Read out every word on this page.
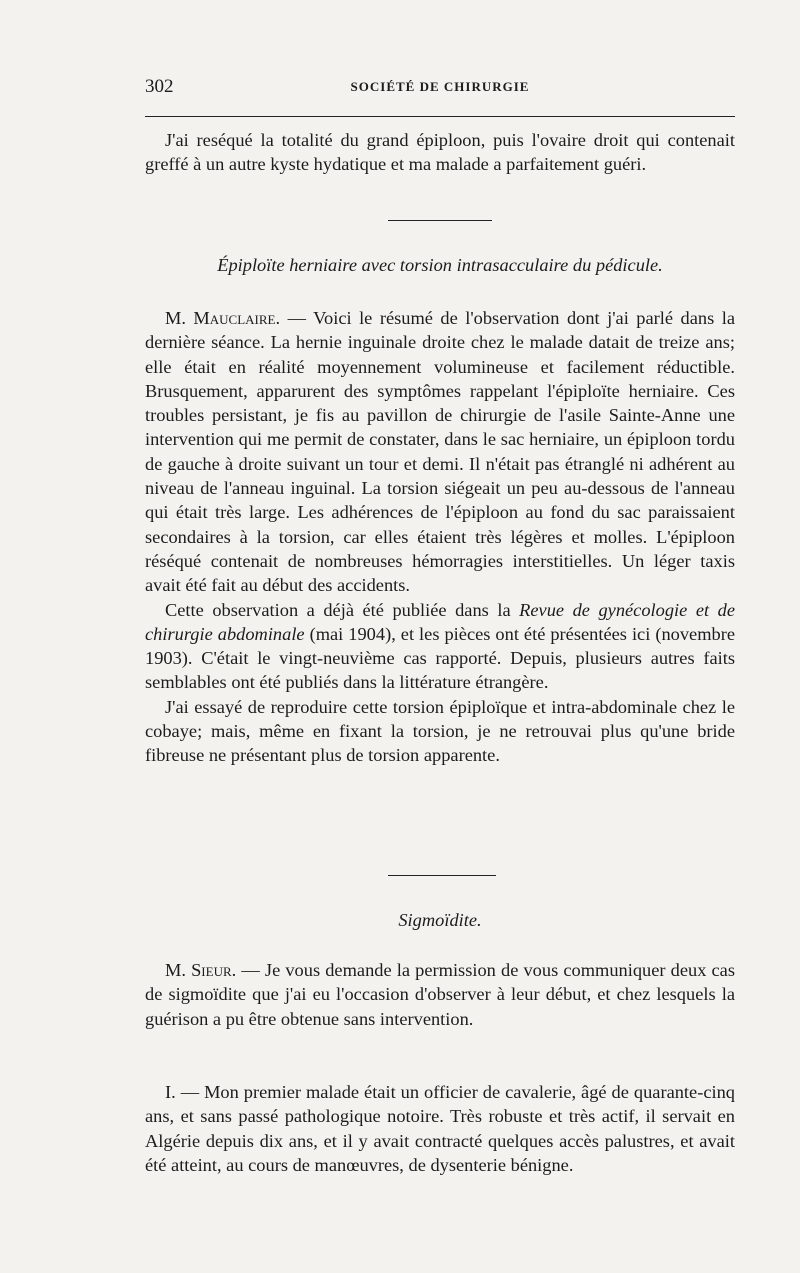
302	SOCIÉTÉ DE CHIRURGIE

J'ai reséqué la totalité du grand épiploon, puis l'ovaire droit qui contenait greffé à un autre kyste hydatique et ma malade a parfaitement guéri.

Épiploïte herniaire avec torsion intrasacculaire du pédicule.

M. Mauclaire. — Voici le résumé de l'observation dont j'ai parlé dans la dernière séance. La hernie inguinale droite chez le malade datait de treize ans; elle était en réalité moyennement volumineuse et facilement réductible. Brusquement, apparurent des symptômes rappelant l'épiploïte herniaire. Ces troubles persistant, je fis au pavillon de chirurgie de l'asile Sainte-Anne une intervention qui me permit de constater, dans le sac herniaire, un épiploon tordu de gauche à droite suivant un tour et demi. Il n'était pas étranglé ni adhérent au niveau de l'anneau inguinal. La torsion siégeait un peu au-dessous de l'anneau qui était très large. Les adhérences de l'épiploon au fond du sac paraissaient secondaires à la torsion, car elles étaient très légères et molles. L'épiploon réséqué contenait de nombreuses hémorragies interstitielles. Un léger taxis avait été fait au début des accidents.

Cette observation a déjà été publiée dans la Revue de gynécologie et de chirurgie abdominale (mai 1904), et les pièces ont été présentées ici (novembre 1903). C'était le vingt-neuvième cas rapporté. Depuis, plusieurs autres faits semblables ont été publiés dans la littérature étrangère.

J'ai essayé de reproduire cette torsion épiploïque et intra-abdominale chez le cobaye; mais, même en fixant la torsion, je ne retrouvai plus qu'une bride fibreuse ne présentant plus de torsion apparente.

Sigmoïdite.

M. Sieur. — Je vous demande la permission de vous communiquer deux cas de sigmoïdite que j'ai eu l'occasion d'observer à leur début, et chez lesquels la guérison a pu être obtenue sans intervention.

I. — Mon premier malade était un officier de cavalerie, âgé de quarante-cinq ans, et sans passé pathologique notoire. Très robuste et très actif, il servait en Algérie depuis dix ans, et il y avait contracté quelques accès palustres, et avait été atteint, au cours de manœuvres, de dysenterie bénigne.
